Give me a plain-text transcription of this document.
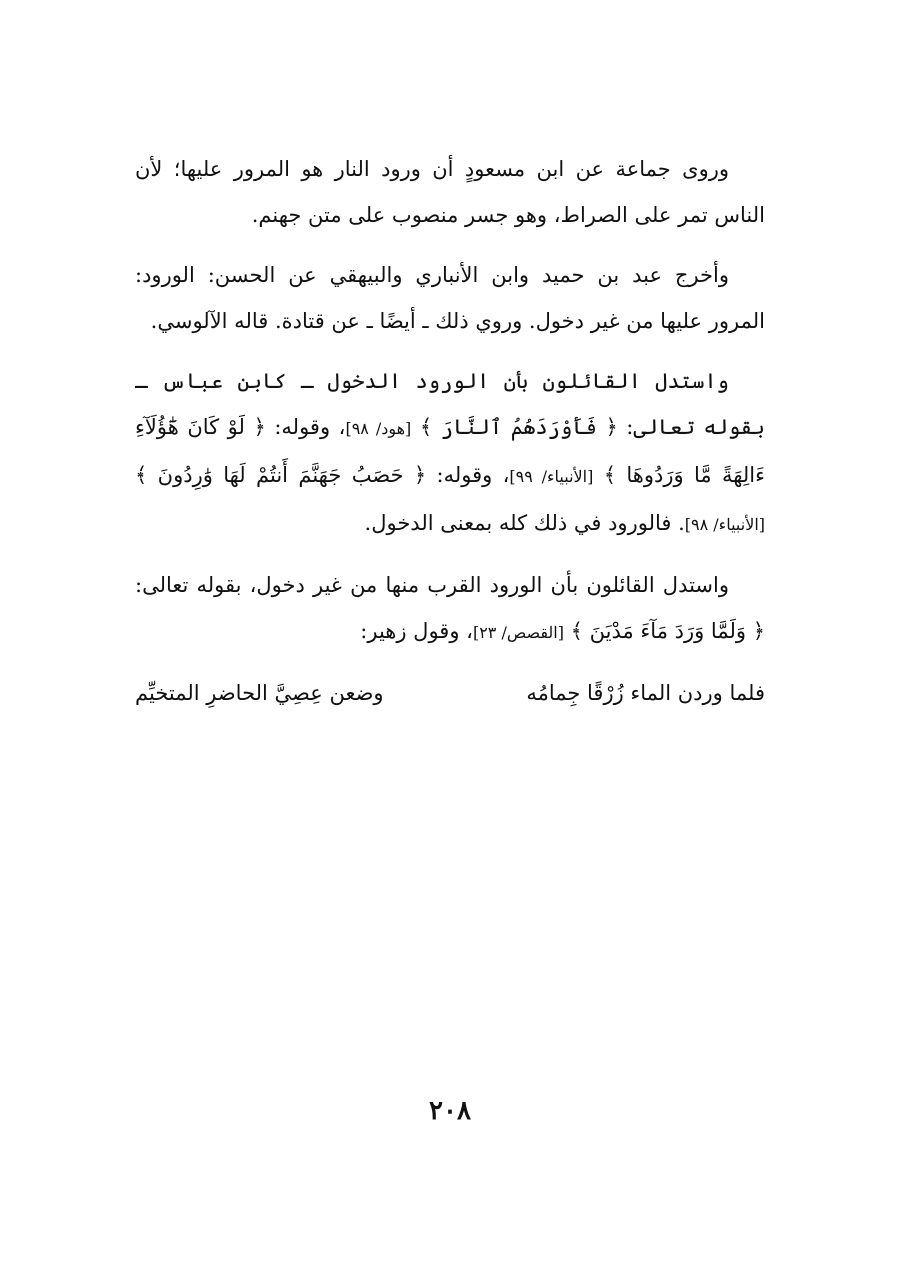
وروى جماعة عن ابن مسعودٍ أن ورود النار هو المرور عليها؛ لأن الناس تمر على الصراط، وهو جسر منصوب على متن جهنم.

وأخرج عبد بن حميد وابن الأنباري والبيهقي عن الحسن: الورود: المرور عليها من غير دخول. وروي ذلك ـ أيضًا ـ عن قتادة. قاله الآلوسي.

واستدل القائلون بأن الورود الدخول ـ كابن عباس ـ بقوله تعالى: ﴿ فَأَوْرَدَهُمُ ٱلنَّارَ ﴾ [هود/ ٩٨]، وقوله: ﴿ لَوْ كَانَ هَٰٓؤُلَآءِ ءَالِهَةً مَّا وَرَدُوهَا ﴾ [الأنبياء/ ٩٩]، وقوله: ﴿ حَصَبُ جَهَنَّمَ أَنتُمْ لَهَا وَٰرِدُونَ ﴾ [الأنبياء/ ٩٨]. فالورود في ذلك كله بمعنى الدخول.

واستدل القائلون بأن الورود القرب منها من غير دخول، بقوله تعالى: ﴿ وَلَمَّا وَرَدَ مَآءَ مَدْيَنَ ﴾ [القصص/ ٢٣]، وقول زهير:

فلما وردن الماء زُرْقًا جِمامُه
وضعن عِصِيَّ الحاضرِ المتخيِّم
٢٠٨
